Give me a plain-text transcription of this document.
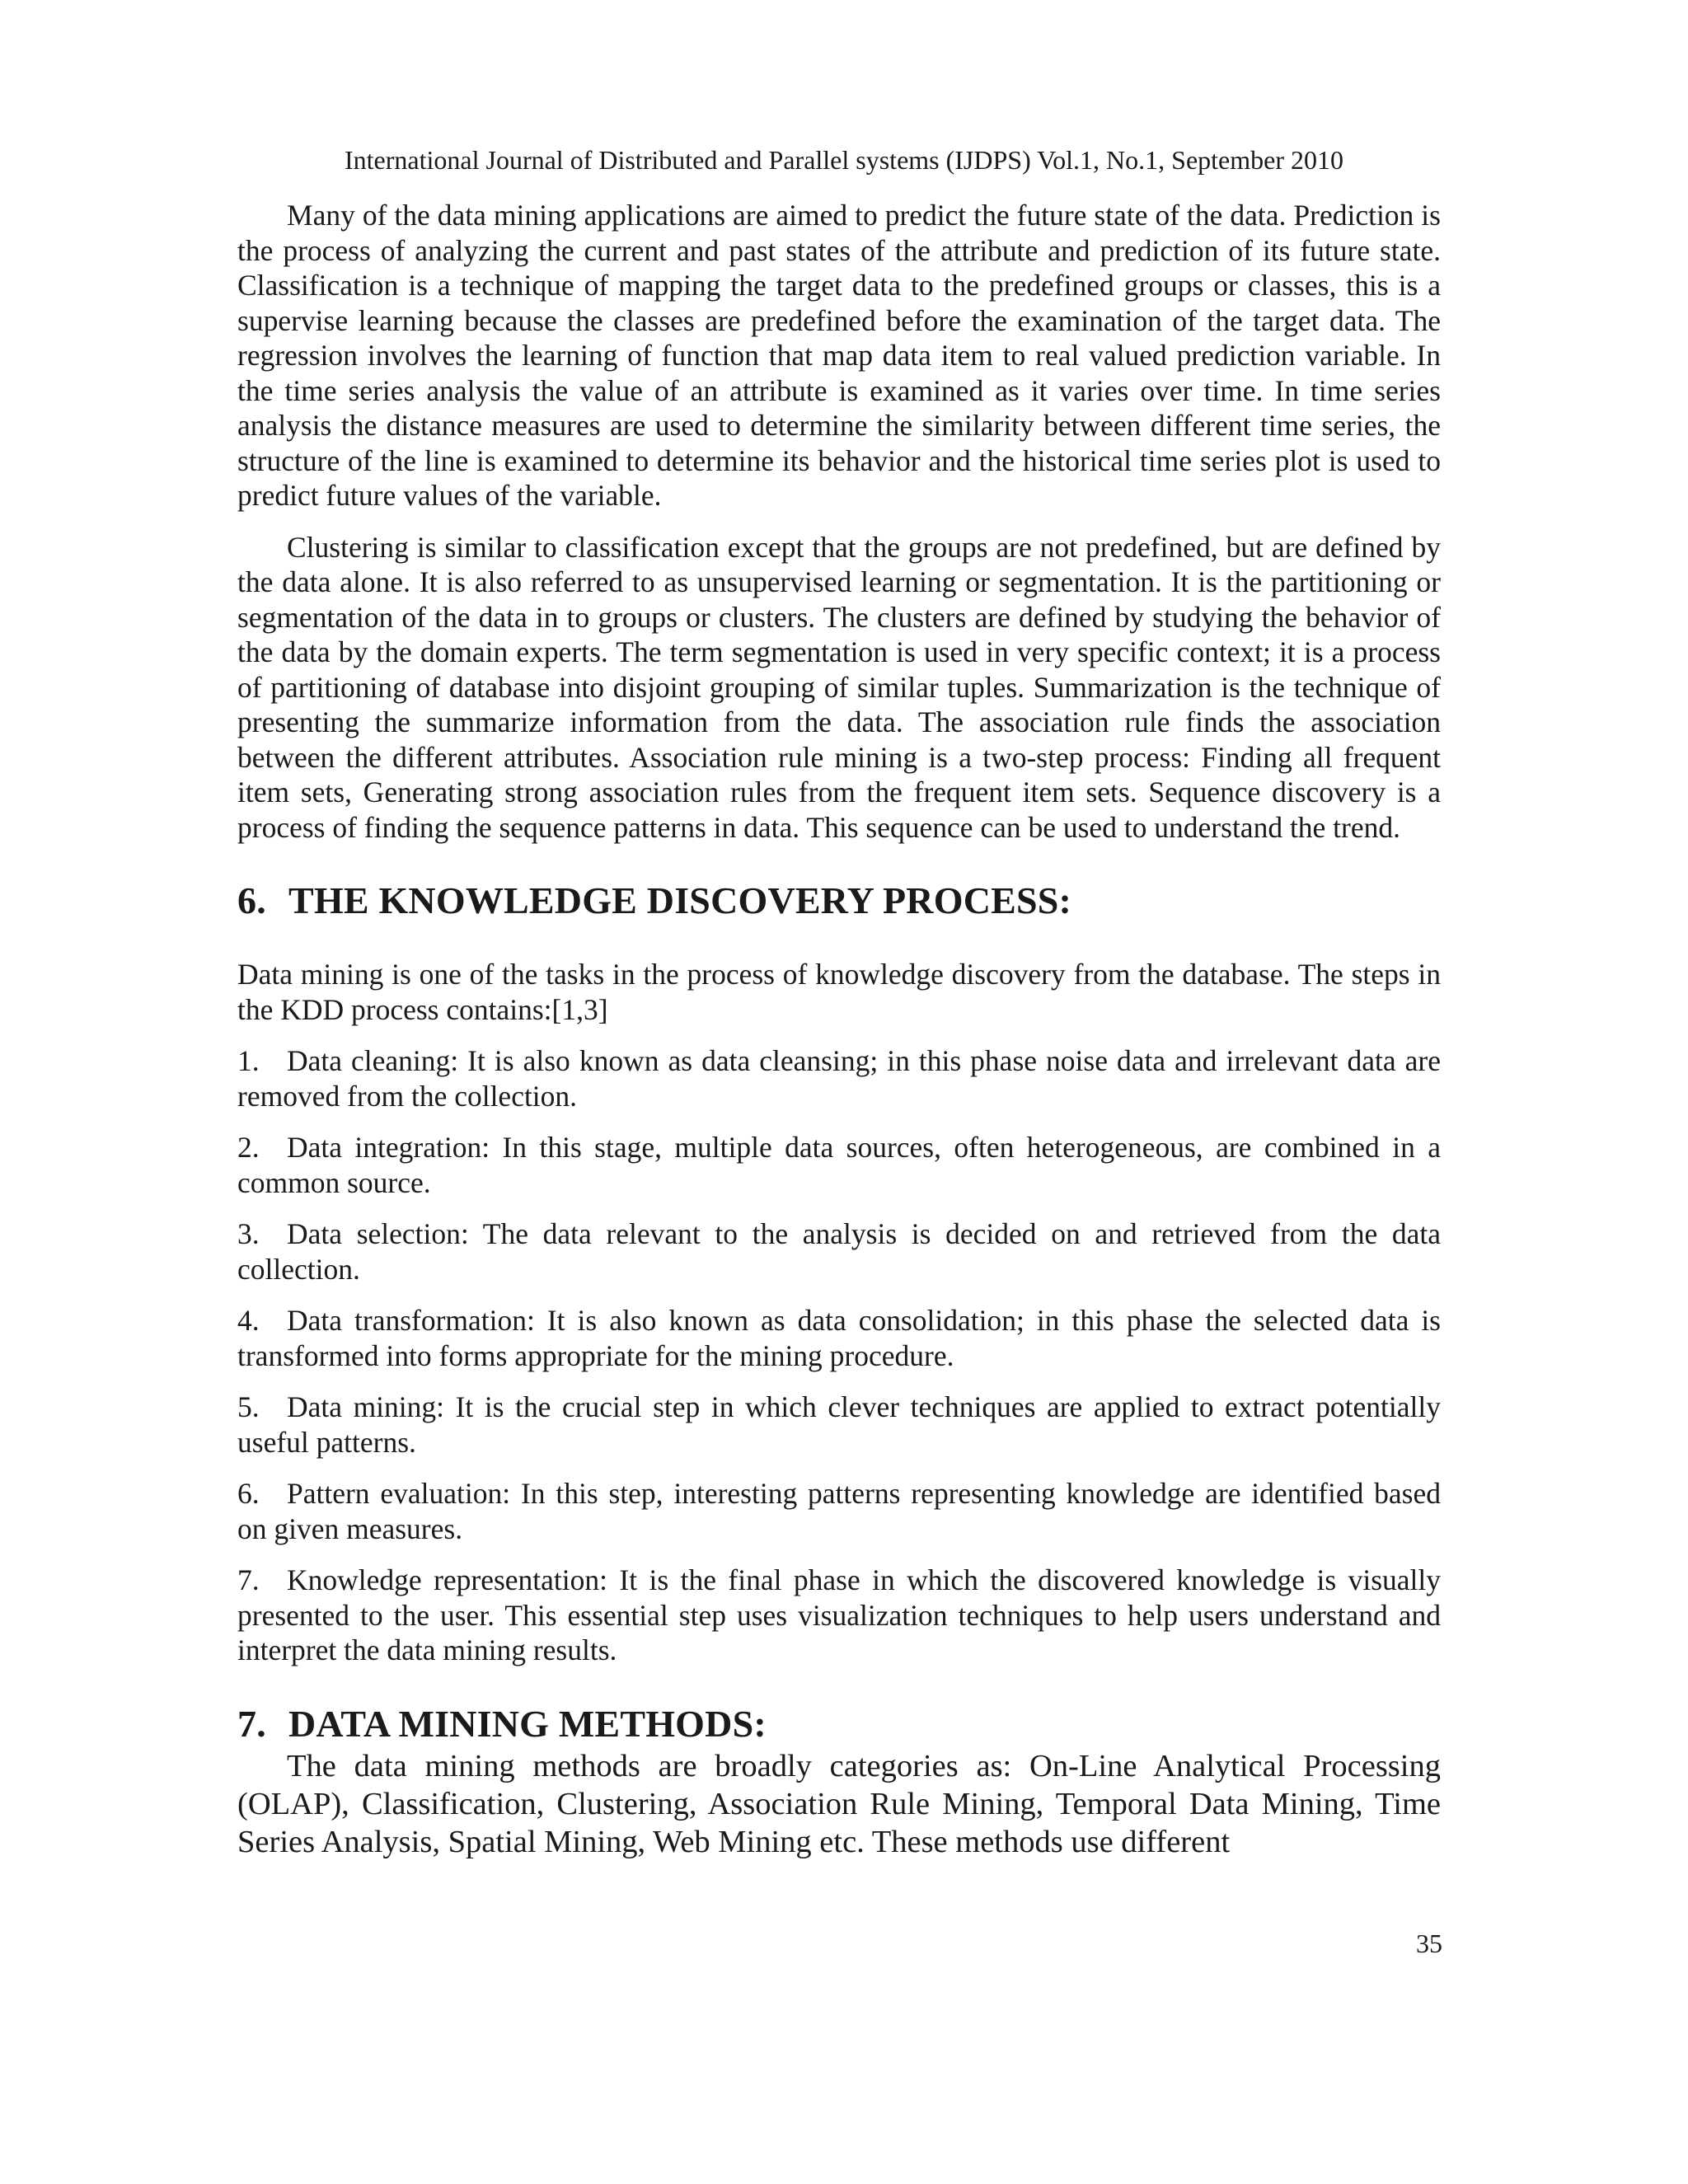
International Journal of Distributed and Parallel systems (IJDPS) Vol.1, No.1, September 2010

Many of the data mining applications are aimed to predict the future state of the data. Prediction is the process of analyzing the current and past states of the attribute and prediction of its future state. Classification is a technique of mapping the target data to the predefined groups or classes, this is a supervise learning because the classes are predefined before the examination of the target data. The regression involves the learning of function that map data item to real valued prediction variable. In the time series analysis the value of an attribute is examined as it varies over time. In time series analysis the distance measures are used to determine the similarity between different time series, the structure of the line is examined to determine its behavior and the historical time series plot is used to predict future values of the variable.

Clustering is similar to classification except that the groups are not predefined, but are defined by the data alone. It is also referred to as unsupervised learning or segmentation. It is the partitioning or segmentation of the data in to groups or clusters. The clusters are defined by studying the behavior of the data by the domain experts. The term segmentation is used in very specific context; it is a process of partitioning of database into disjoint grouping of similar tuples. Summarization is the technique of presenting the summarize information from the data. The association rule finds the association between the different attributes. Association rule mining is a two-step process: Finding all frequent item sets, Generating strong association rules from the frequent item sets. Sequence discovery is a process of finding the sequence patterns in data. This sequence can be used to understand the trend.

6. THE KNOWLEDGE DISCOVERY PROCESS:

Data mining is one of the tasks in the process of knowledge discovery from the database. The steps in the KDD process contains:[1,3]

1. Data cleaning: It is also known as data cleansing; in this phase noise data and irrelevant data are removed from the collection.
2. Data integration: In this stage, multiple data sources, often heterogeneous, are combined in a common source.
3. Data selection: The data relevant to the analysis is decided on and retrieved from the data collection.
4. Data transformation: It is also known as data consolidation; in this phase the selected data is transformed into forms appropriate for the mining procedure.
5. Data mining: It is the crucial step in which clever techniques are applied to extract potentially useful patterns.
6. Pattern evaluation: In this step, interesting patterns representing knowledge are identified based on given measures.
7. Knowledge representation: It is the final phase in which the discovered knowledge is visually presented to the user. This essential step uses visualization techniques to help users understand and interpret the data mining results.
7. DATA MINING METHODS:

The data mining methods are broadly categories as: On-Line Analytical Processing (OLAP), Classification, Clustering, Association Rule Mining, Temporal Data Mining, Time Series Analysis, Spatial Mining, Web Mining etc. These methods use different

35
